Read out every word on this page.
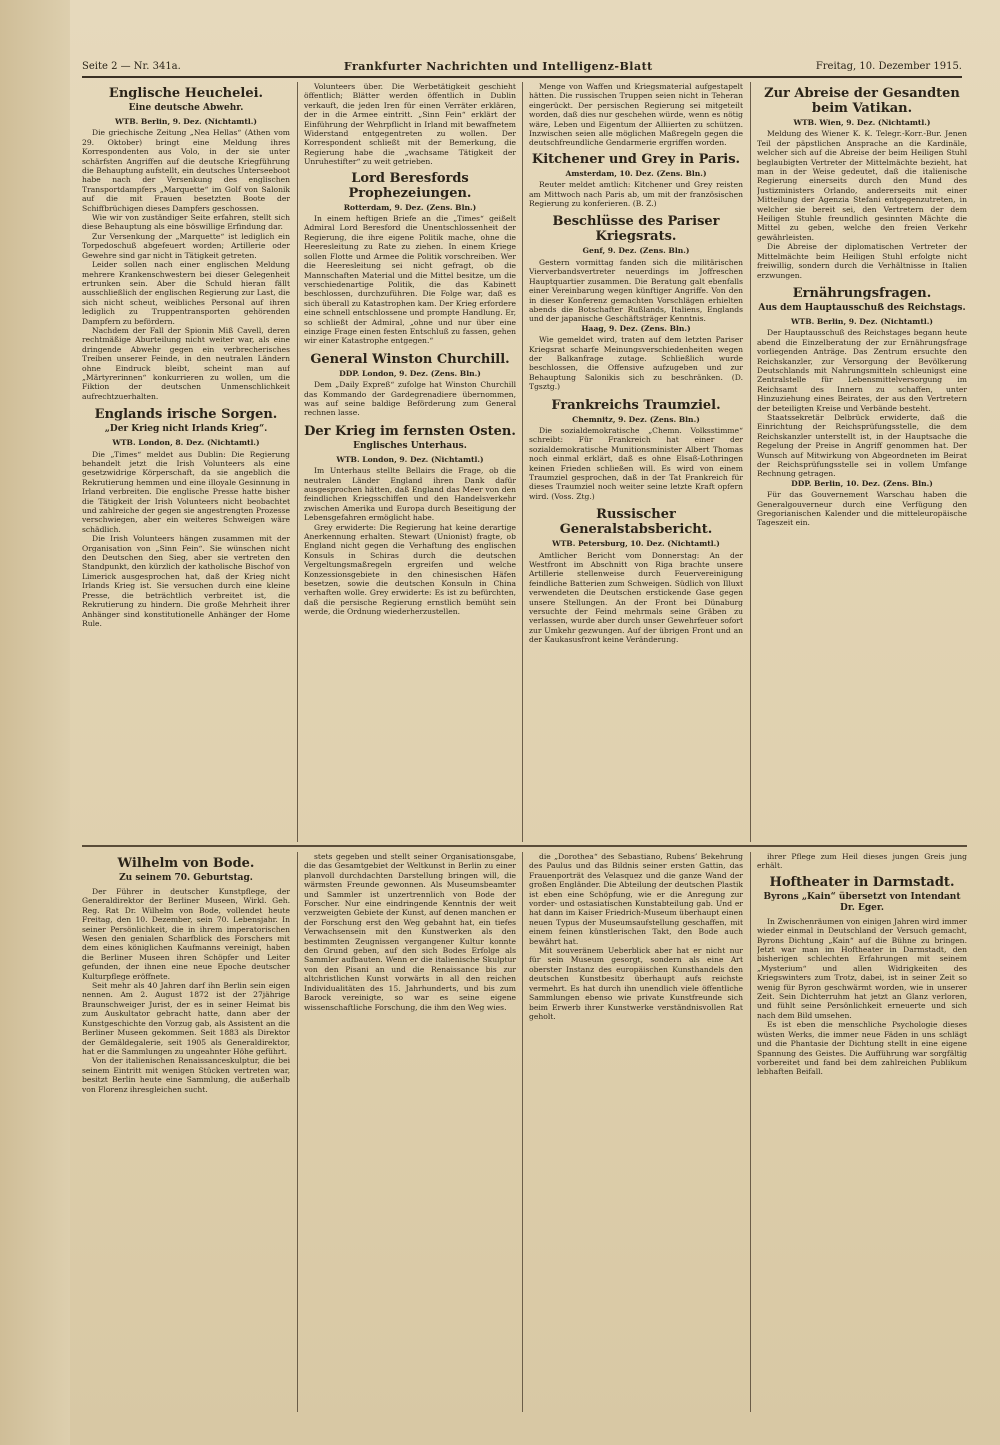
Seite 2 — Nr. 341a.	Frankfurter Nachrichten und Intelligenz-Blatt	Freitag, 10. Dezember 1915.
Englische Heuchelei.
Eine deutsche Abwehr.
WTB. Berlin, 9. Dez. (Nichtamtl.)

Die griechische Zeitung „Nea Hellas“ (Athen vom 29. Oktober) bringt eine Meldung ihres Korrespondenten aus Volo, in der sie unter schärfsten Angriffen auf die deutsche Kriegführung die Behauptung aufstellt, ein deutsches Unterseeboot habe nach der Versenkung des englischen Transportdampfers „Marquette“ im Golf von Salonik auf die mit Frauen besetzten Boote der Schiffbrüchigen dieses Dampfers geschossen.

Wie wir von zuständiger Seite erfahren, stellt sich diese Behauptung als eine böswillige Erfindung dar.

Zur Versenkung der „Marquette“ ist lediglich ein Torpedoschuß abgefeuert worden; Artillerie oder Gewehre sind gar nicht in Tätigkeit getreten.

Leider sollen nach einer englischen Meldung mehrere Krankenschwestern bei dieser Gelegenheit ertrunken sein. Aber die Schuld hieran fällt ausschließlich der englischen Regierung zur Last, die sich nicht scheut, weibliches Personal auf ihren lediglich zu Truppentransporten gehörenden Dampfern zu befördern.

Nachdem der Fall der Spionin Miß Cavell, deren rechtmäßige Aburteilung nicht weiter war, als eine dringende Abwehr gegen ein verbrecherisches Treiben unserer Feinde, in den neutralen Ländern ohne Eindruck bleibt, scheint man auf „Märtyrerinnen“ konkurrieren zu wollen, um die Fiktion der deutschen Unmenschlichkeit aufrechtzuerhalten.

Englands irische Sorgen.
„Der Krieg nicht Irlands Krieg“.
WTB. London, 8. Dez. (Nichtamtl.)

Die „Times“ meldet aus Dublin: Die Regierung behandelt jetzt die Irish Volunteers als eine gesetzwidrige Körperschaft, da sie angeblich die Rekrutierung hemmen und eine illoyale Gesinnung in Irland verbreiten. Die englische Presse hatte bisher die Tätigkeit der Irish Volunteers nicht beobachtet und zahlreiche der gegen sie angestrengten Prozesse verschwiegen, aber ein weiteres Schweigen wäre schädlich.

Die Irish Volunteers hängen zusammen mit der Organisation von „Sinn Fein“. Sie wünschen nicht den Deutschen den Sieg, aber sie vertreten den Standpunkt, den kürzlich der katholische Bischof von Limerick ausgesprochen hat, daß der Krieg nicht Irlands Krieg ist. Sie versuchen durch eine kleine Presse, die beträchtlich verbreitet ist, die Rekrutierung zu hindern. Die große Mehrheit ihrer Anhänger sind konstitutionelle Anhänger der Home Rule.

Volunteers über. Die Werbetätigkeit geschieht öffentlich; Blätter werden öffentlich in Dublin verkauft, die jeden Iren für einen Verräter erklären, der in die Armee eintritt. „Sinn Fein“ erklärt der Einführung der Wehrpflicht in Irland mit bewaffnetem Widerstand entgegentreten zu wollen. Der Korrespondent schließt mit der Bemerkung, die Regierung habe die „wachsame Tätigkeit der Unruhestifter“ zu weit getrieben.

Lord Beresfords Prophezeiungen.
Rotterdam, 9. Dez. (Zens. Bln.)

In einem heftigen Briefe an die „Times“ geißelt Admiral Lord Beresford die Unentschlossenheit der Regierung, die ihre eigene Politik mache, ohne die Heeresleitung zu Rate zu ziehen. In einem Kriege sollen Flotte und Armee die Politik vorschreiben. Wer die Heeresleitung sei nicht gefragt, ob die Mannschaften Material und die Mittel besitze, um die verschiedenartige Politik, die das Kabinett beschlossen, durchzuführen. Die Folge war, daß es sich überall zu Katastrophen kam. Der Krieg erfordere eine schnell entschlossene und prompte Handlung. Er, so schließt der Admiral, „ohne und nur über eine einzige Frage einen festen Entschluß zu fassen, gehen wir einer Katastrophe entgegen.“

General Winston Churchill.
DDP. London, 9. Dez. (Zens. Bln.)

Dem „Daily Expreß“ zufolge hat Winston Churchill das Kommando der Gardegrenadiere übernommen, was auf seine baldige Beförderung zum General rechnen lasse.

Der Krieg im fernsten Osten.
Englisches Unterhaus.
WTB. London, 9. Dez. (Nichtamtl.)

Im Unterhaus stellte Bellairs die Frage, ob die neutralen Länder England ihren Dank dafür ausgesprochen hätten, daß England das Meer von den feindlichen Kriegsschiffen und den Handelsverkehr zwischen Amerika und Europa durch Beseitigung der Lebensgefahren ermöglicht habe.

Grey erwiderte: Die Regierung hat keine derartige Anerkennung erhalten. Stewart (Unionist) fragte, ob England nicht gegen die Verhaftung des englischen Konsuls in Schiras durch die deutschen Vergeltungsmaßregeln ergreifen und welche Konzessionsgebiete in den chinesischen Häfen besetzen, sowie die deutschen Konsuln in China verhaften wolle. Grey erwiderte: Es ist zu befürchten, daß die persische Regierung ernstlich bemüht sein werde, die Ordnung wiederherzustellen.

Menge von Waffen und Kriegsmaterial aufgestapelt hätten. Die russischen Truppen seien nicht in Teheran eingerückt. Der persischen Regierung sei mitgeteilt worden, daß dies nur geschehen würde, wenn es nötig wäre, Leben und Eigentum der Alliierten zu schützen. Inzwischen seien alle möglichen Maßregeln gegen die deutschfreundliche Gendarmerie ergriffen worden.

Kitchener und Grey in Paris.
Amsterdam, 10. Dez. (Zens. Bln.)

Reuter meldet amtlich: Kitchener und Grey reisten am Mittwoch nach Paris ab, um mit der französischen Regierung zu konferieren. (B. Z.)

Beschlüsse des Pariser Kriegsrats.
Genf, 9. Dez. (Zens. Bln.)

Gestern vormittag fanden sich die militärischen Vierverbandsvertreter neuerdings im Joffreschen Hauptquartier zusammen. Die Beratung galt ebenfalls einer Vereinbarung wegen künftiger Angriffe. Von den in dieser Konferenz gemachten Vorschlägen erhielten abends die Botschafter Rußlands, Italiens, Englands und der japanische Geschäftsträger Kenntnis.

Haag, 9. Dez. (Zens. Bln.)

Wie gemeldet wird, traten auf dem letzten Pariser Kriegsrat scharfe Meinungsverschiedenheiten wegen der Balkanfrage zutage. Schließlich wurde beschlossen, die Offensive aufzugeben und zur Behauptung Salonikis sich zu beschränken. (D. Tgsztg.)

Frankreichs Traumziel.
Chemnitz, 9. Dez. (Zens. Bln.)

Die sozialdemokratische „Chemn. Volksstimme“ schreibt: Für Frankreich hat einer der sozialdemokratische Munitionsminister Albert Thomas noch einmal erklärt, daß es ohne Elsaß-Lothringen keinen Frieden schließen will. Es wird von einem Traumziel gesprochen, daß in der Tat Frankreich für dieses Traumziel noch weiter seine letzte Kraft opfern wird. (Voss. Ztg.)

Russischer Generalstabsbericht.
WTB. Petersburg, 10. Dez. (Nichtamtl.)

Amtlicher Bericht vom Donnerstag: An der Westfront im Abschnitt von Riga brachte unsere Artillerie stellenweise durch Feuervereinigung feindliche Batterien zum Schweigen. Südlich von Illuxt verwendeten die Deutschen erstickende Gase gegen unsere Stellungen. An der Front bei Dünaburg versuchte der Feind mehrmals seine Gräben zu verlassen, wurde aber durch unser Gewehrfeuer sofort zur Umkehr gezwungen. Auf der übrigen Front und an der Kaukasusfront keine Veränderung.

Zur Abreise der Gesandten beim Vatikan.
WTB. Wien, 9. Dez. (Nichtamtl.)

Meldung des Wiener K. K. Telegr.-Korr.-Bur. Jenen Teil der päpstlichen Ansprache an die Kardinäle, welcher sich auf die Abreise der beim Heiligen Stuhl beglaubigten Vertreter der Mittelmächte bezieht, hat man in der Weise gedeutet, daß die italienische Regierung einerseits durch den Mund des Justizministers Orlando, andererseits mit einer Mitteilung der Agenzia Stefani entgegenzutreten, in welcher sie bereit sei, den Vertretern der dem Heiligen Stuhle freundlich gesinnten Mächte die Mittel zu geben, welche den freien Verkehr gewährleisten.

Die Abreise der diplomatischen Vertreter der Mittelmächte beim Heiligen Stuhl erfolgte nicht freiwillig, sondern durch die Verhältnisse in Italien erzwungen.

Ernährungsfragen.
Aus dem Hauptausschuß des Reichstags.
WTB. Berlin, 9. Dez. (Nichtamtl.)

Der Hauptausschuß des Reichstages begann heute abend die Einzelberatung der zur Ernährungsfrage vorliegenden Anträge. Das Zentrum ersuchte den Reichskanzler, zur Versorgung der Bevölkerung Deutschlands mit Nahrungsmitteln schleunigst eine Zentralstelle für Lebensmittelversorgung im Reichsamt des Innern zu schaffen, unter Hinzuziehung eines Beirates, der aus den Vertretern der beteiligten Kreise und Verbände besteht.

Staatssekretär Delbrück erwiderte, daß die Einrichtung der Reichsprüfungsstelle, die dem Reichskanzler unterstellt ist, in der Hauptsache die Regelung der Preise in Angriff genommen hat. Der Wunsch auf Mitwirkung von Abgeordneten im Beirat der Reichsprüfungsstelle sei in vollem Umfange Rechnung getragen.

DDP. Berlin, 10. Dez. (Zens. Bln.)

Für das Gouvernement Warschau haben die Generalgouverneur durch eine Verfügung den Gregorianischen Kalender und die mitteleuropäische Tageszeit ein.

Wilhelm von Bode.
Zu seinem 70. Geburtstag.

Der Führer in deutscher Kunstpflege, der Generaldirektor der Berliner Museen, Wirkl. Geh. Reg. Rat Dr. Wilhelm von Bode, vollendet heute Freitag, den 10. Dezember, sein 70. Lebensjahr. In seiner Persönlichkeit, die in ihrem imperatorischen Wesen den genialen Scharfblick des Forschers mit dem eines königlichen Kaufmanns vereinigt, haben die Berliner Museen ihren Schöpfer und Leiter gefunden, der ihnen eine neue Epoche deutscher Kulturpflege eröffnete.

Seit mehr als 40 Jahren darf ihn Berlin sein eigen nennen. Am 2. August 1872 ist der 27jährige Braunschweiger Jurist, der es in seiner Heimat bis zum Auskultator gebracht hatte, dann aber der Kunstgeschichte den Vorzug gab, als Assistent an die Berliner Museen gekommen. Seit 1883 als Direktor der Gemäldegalerie, seit 1905 als Generaldirektor, hat er die Sammlungen zu ungeahnter Höhe geführt.

Von der italienischen Renaissanceskulptur, die bei seinem Eintritt mit wenigen Stücken vertreten war, besitzt Berlin heute eine Sammlung, die außerhalb von Florenz ihresgleichen sucht.

stets gegeben und stellt seiner Organisationsgabe, die das Gesamtgebiet der Weltkunst in Berlin zu einer planvoll durchdachten Darstellung bringen will, die wärmsten Freunde gewonnen. Als Museumsbeamter und Sammler ist unzertrennlich von Bode der Forscher. Nur eine eindringende Kenntnis der weit verzweigten Gebiete der Kunst, auf denen manchen er der Forschung erst den Weg gebahnt hat, ein tiefes Verwachsensein mit den Kunstwerken als den bestimmten Zeugnissen vergangener Kultur konnte den Grund geben, auf den sich Bodes Erfolge als Sammler aufbauten. Wenn er die italienische Skulptur von den Pisani an und die Renaissance bis zur altchristlichen Kunst vorwärts in all den reichen Individualitäten des 15. Jahrhunderts, und bis zum Barock vereinigte, so war es seine eigene wissenschaftliche Forschung, die ihm den Weg wies.

die „Dorothea“ des Sebastiano, Rubens’ Bekehrung des Paulus und das Bildnis seiner ersten Gattin, das Frauenporträt des Velasquez und die ganze Wand der großen Engländer. Die Abteilung der deutschen Plastik ist eben eine Schöpfung, wie er die Anregung zur vorder- und ostasiatischen Kunstabteilung gab. Und er hat dann im Kaiser Friedrich-Museum überhaupt einen neuen Typus der Museumsaufstellung geschaffen, mit einem feinen künstlerischen Takt, den Bode auch bewährt hat.

Mit souveränem Ueberblick aber hat er nicht nur für sein Museum gesorgt, sondern als eine Art oberster Instanz des europäischen Kunsthandels den deutschen Kunstbesitz überhaupt aufs reichste vermehrt. Es hat durch ihn unendlich viele öffentliche Sammlungen ebenso wie private Kunstfreunde sich beim Erwerb ihrer Kunstwerke verständnisvollen Rat geholt.

ihrer Pflege zum Heil dieses jungen Greis jung erhält.

Hoftheater in Darmstadt.
Byrons „Kain“ übersetzt von Intendant Dr. Eger.

In Zwischenräumen von einigen Jahren wird immer wieder einmal in Deutschland der Versuch gemacht, Byrons Dichtung „Kain“ auf die Bühne zu bringen. Jetzt war man im Hoftheater in Darmstadt, den bisherigen schlechten Erfahrungen mit seinem „Mysterium“ und allen Widrigkeiten des Kriegswinters zum Trotz, dabei, ist in seiner Zeit so wenig für Byron geschwärmt worden, wie in unserer Zeit. Sein Dichterruhm hat jetzt an Glanz verloren, und fühlt seine Persönlichkeit erneuerte und sich nach dem Bild umsehen.

Es ist eben die menschliche Psychologie dieses wüsten Werks, die immer neue Fäden in uns schlägt und die Phantasie der Dichtung stellt in eine eigene Spannung des Geistes. Die Aufführung war sorgfältig vorbereitet und fand bei dem zahlreichen Publikum lebhaften Beifall.
